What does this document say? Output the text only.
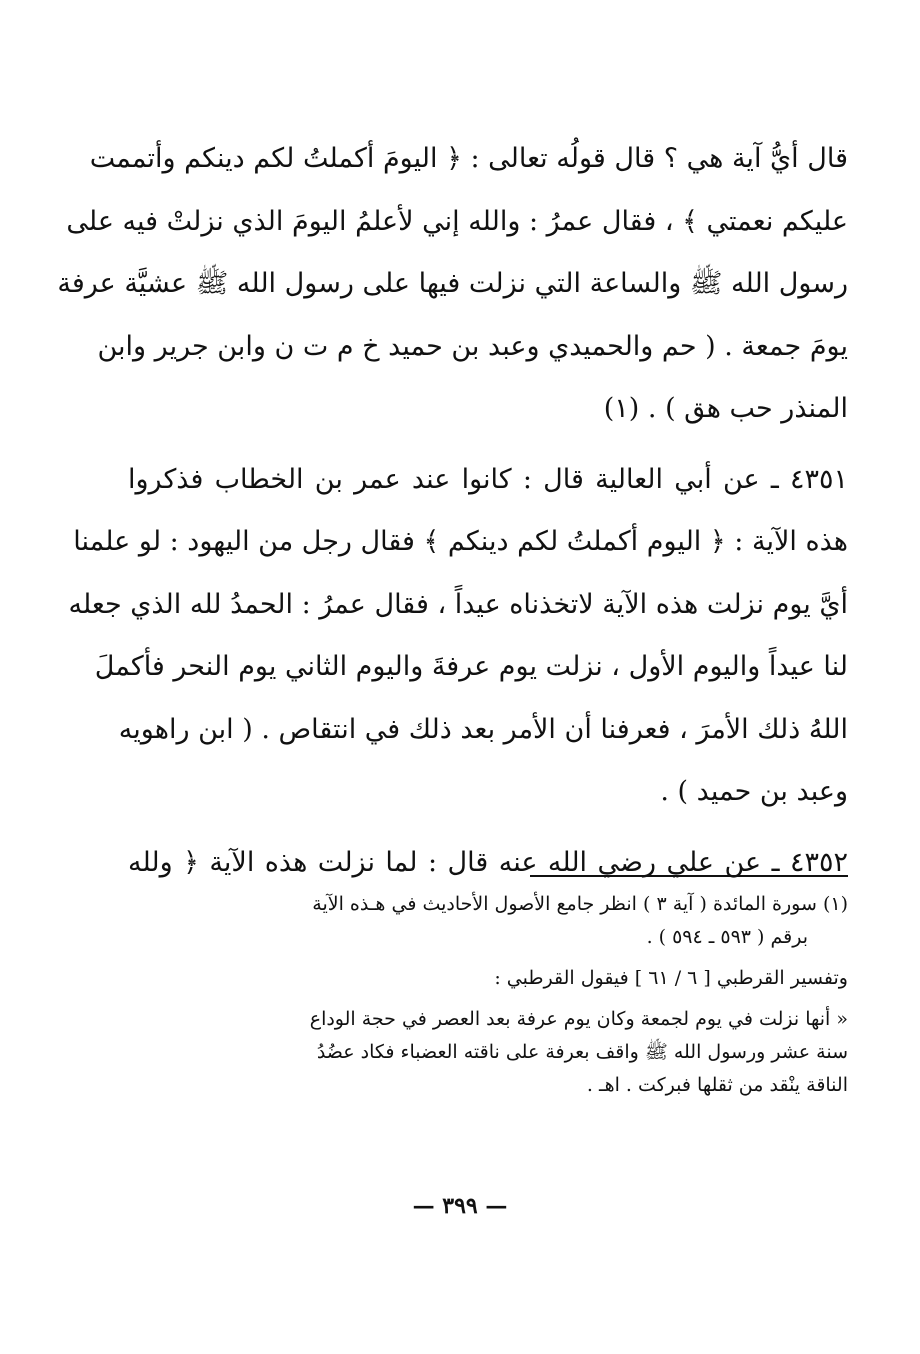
قال أيُّ آية هي ؟ قال قولُه تعالى : ﴿ اليومَ أكملتُ لكم دينكم وأتممت
عليكم نعمتي ﴾ ، فقال عمرُ : والله إني لأعلمُ اليومَ الذي نزلتْ فيه على
رسول الله ﷺ والساعة التي نزلت فيها على رسول الله ﷺ عشيَّة عرفة
يومَ جمعة . ( حم والحميدي وعبد بن حميد خ م ت ن وابن جرير وابن
المنذر حب هق ) . (١)

٤٣٥١ ـ عن أبي العالية قال : كانوا عند عمر بن الخطاب فذكروا
هذه الآية : ﴿ اليوم أكملتُ لكم دينكم ﴾ فقال رجل من اليهود : لو علمنا
أيَّ يوم نزلت هذه الآية لاتخذناه عيداً ، فقال عمرُ : الحمدُ لله الذي جعله
لنا عيداً واليوم الأول ، نزلت يوم عرفةَ واليوم الثاني يوم النحر فأكملَ
اللهُ ذلك الأمرَ ، فعرفنا أن الأمر بعد ذلك في انتقاص . ( ابن راهويه
وعبد بن حميد ) .

٤٣٥٢ ـ عن علي رضي الله عنه قال : لما نزلت هذه الآية ﴿ ولله

(١) سورة المائدة ( آية ٣ ) انظر جامع الأصول الأحاديث في هـذه الآية
برقم ( ٥٩٣ ـ ٥٩٤ ) .
وتفسير القرطبي [ ٦ / ٦١ ] فيقول القرطبي :
« أنها نزلت في يوم لجمعة وكان يوم عرفة بعد العصر في حجة الوداع
سنة عشر ورسول الله ﷺ واقف بعرفة على ناقته العضباء فكاد عضُدُ
الناقة ينْقد من ثقلها فبركت . اهـ .
— ٣٩٩ —
